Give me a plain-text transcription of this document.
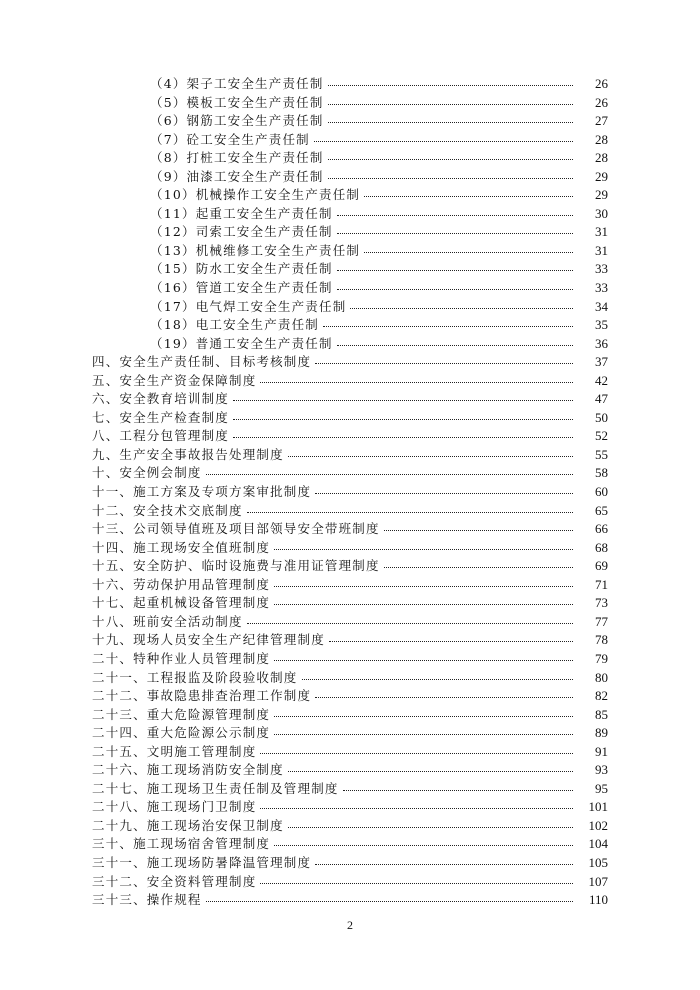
（4）架子工安全生产责任制	26
（5）模板工安全生产责任制	26
（6）钢筋工安全生产责任制	27
（7）砼工安全生产责任制	28
（8）打桩工安全生产责任制	28
（9）油漆工安全生产责任制	29
（10）机械操作工安全生产责任制	29
（11）起重工安全生产责任制	30
（12）司索工安全生产责任制	31
（13）机械维修工安全生产责任制	31
（15）防水工安全生产责任制	33
（16）管道工安全生产责任制	33
（17）电气焊工安全生产责任制	34
（18）电工安全生产责任制	35
（19）普通工安全生产责任制	36
四、安全生产责任制、目标考核制度	37
五、安全生产资金保障制度	42
六、安全教育培训制度	47
七、安全生产检查制度	50
八、工程分包管理制度	52
九、生产安全事故报告处理制度	55
十、安全例会制度	58
十一、施工方案及专项方案审批制度	60
十二、安全技术交底制度	65
十三、公司领导值班及项目部领导安全带班制度	66
十四、施工现场安全值班制度	68
十五、安全防护、临时设施费与准用证管理制度	69
十六、劳动保护用品管理制度	71
十七、起重机械设备管理制度	73
十八、班前安全活动制度	77
十九、现场人员安全生产纪律管理制度	78
二十、特种作业人员管理制度	79
二十一、工程报监及阶段验收制度	80
二十二、事故隐患排查治理工作制度	82
二十三、重大危险源管理制度	85
二十四、重大危险源公示制度	89
二十五、文明施工管理制度	91
二十六、施工现场消防安全制度	93
二十七、施工现场卫生责任制及管理制度	95
二十八、施工现场门卫制度	101
二十九、施工现场治安保卫制度	102
三十、施工现场宿舍管理制度	104
三十一、施工现场防暑降温管理制度	105
三十二、安全资料管理制度	107
三十三、操作规程	110
2
